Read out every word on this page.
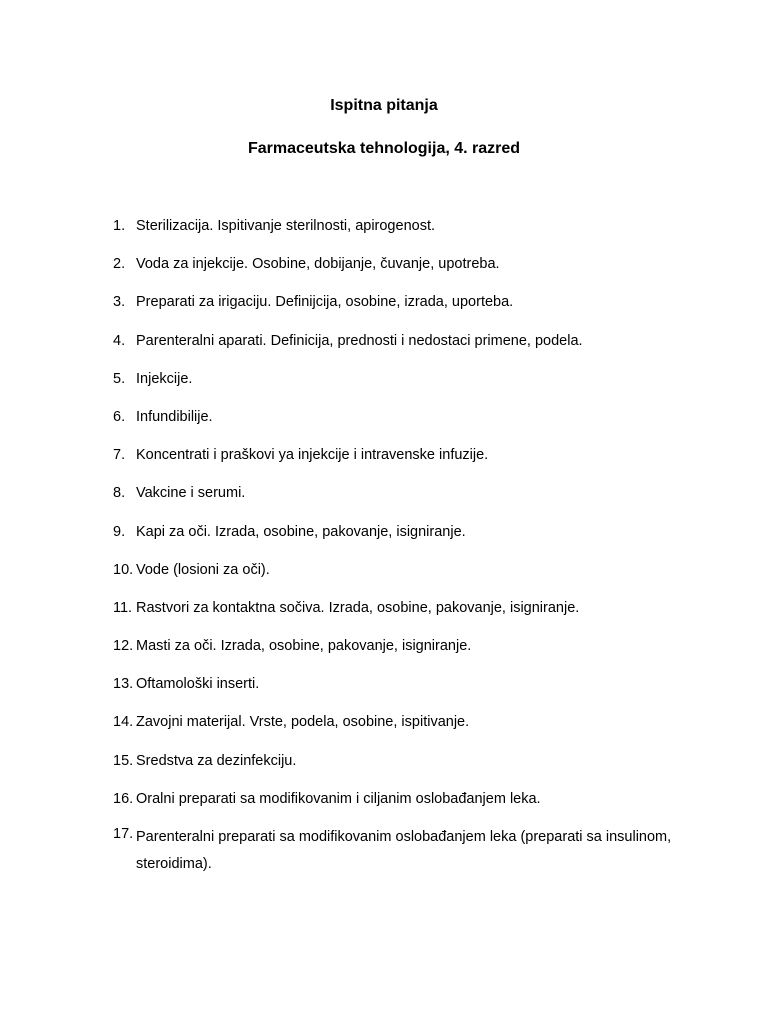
Ispitna pitanja
Farmaceutska tehnologija, 4. razred
1. Sterilizacija. Ispitivanje sterilnosti, apirogenost.
2. Voda za injekcije. Osobine, dobijanje, čuvanje, upotreba.
3. Preparati za irigaciju. Definijcija, osobine, izrada, uporteba.
4. Parenteralni aparati. Definicija, prednosti i nedostaci primene, podela.
5. Injekcije.
6. Infundibilije.
7. Koncentrati i praškovi ya injekcije i intravenske infuzije.
8. Vakcine i serumi.
9. Kapi za oči. Izrada, osobine, pakovanje, isigniranje.
10. Vode (losioni za oči).
11. Rastvori za kontaktna sočiva. Izrada, osobine, pakovanje, isigniranje.
12. Masti za oči. Izrada, osobine, pakovanje, isigniranje.
13. Oftamološki inserti.
14. Zavojni materijal. Vrste, podela, osobine, ispitivanje.
15. Sredstva za dezinfekciju.
16. Oralni preparati sa modifikovanim i ciljanim oslobađanjem leka.
17. Parenteralni preparati sa modifikovanim oslobađanjem leka (preparati sa insulinom, steroidima).
